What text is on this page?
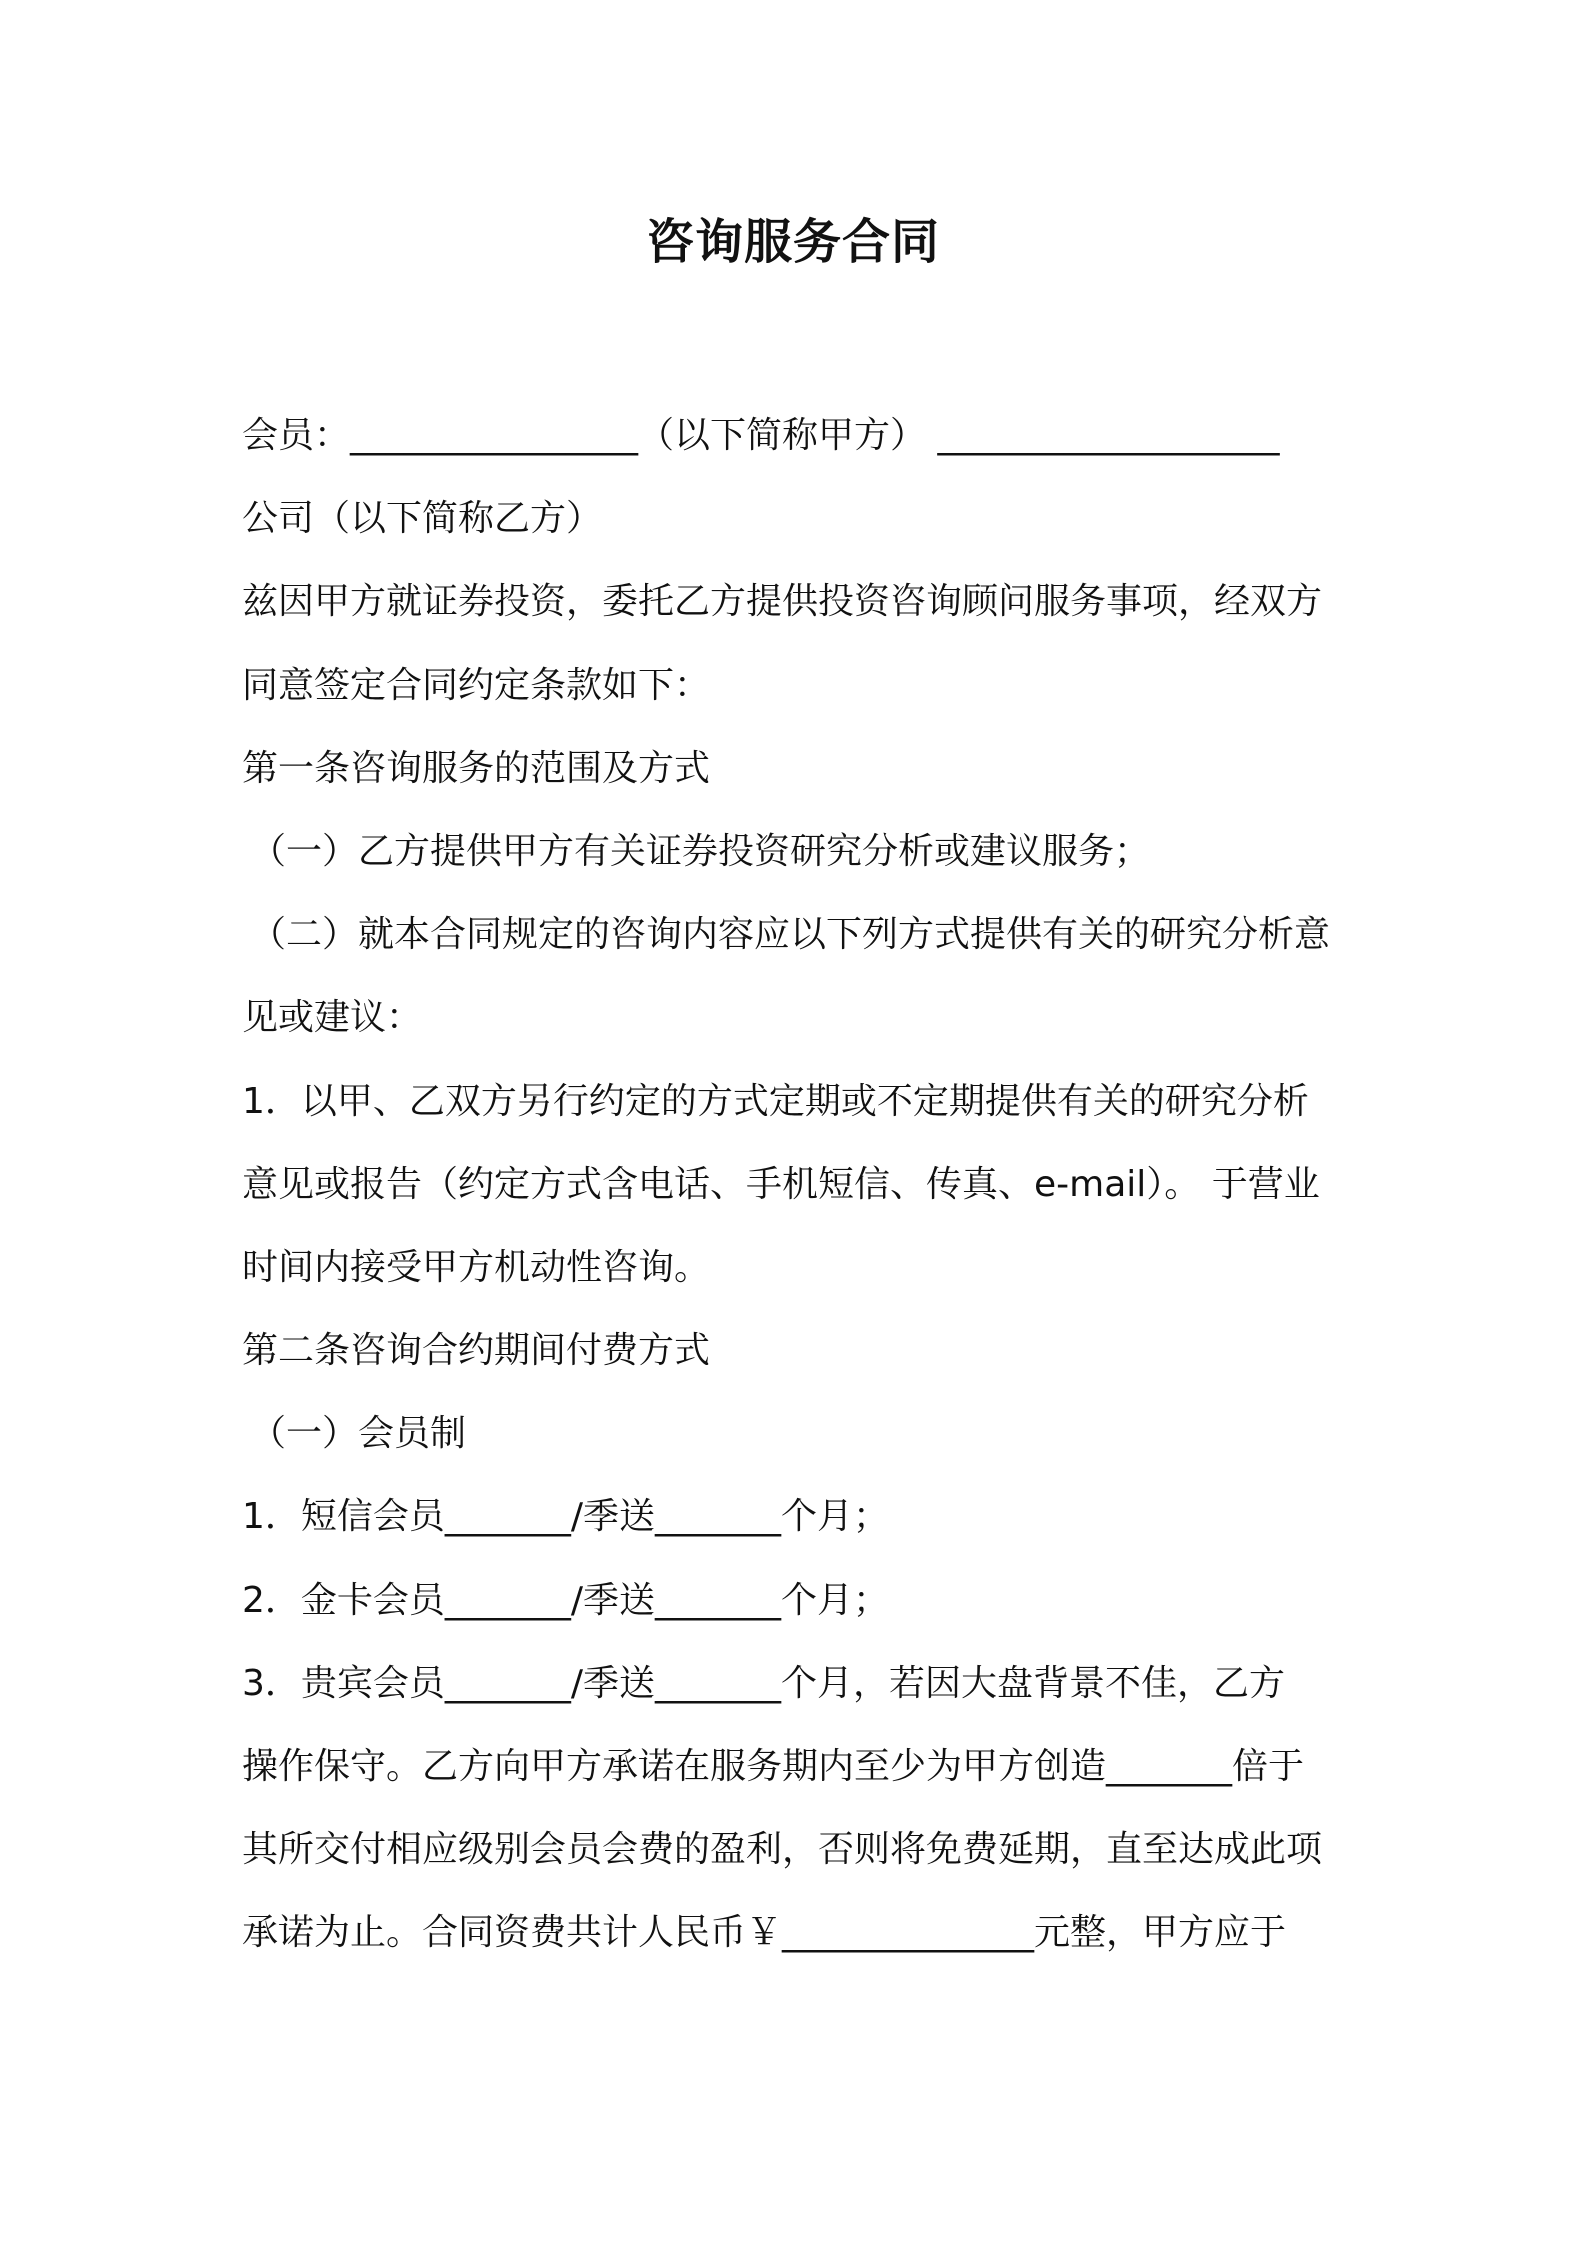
咨询服务合同
会员：________________（以下简称甲方） ___________________
公司（以下简称乙方）
兹因甲方就证券投资，委托乙方提供投资咨询顾问服务事项，经双方
同意签定合同约定条款如下：
第一条咨询服务的范围及方式
（一）乙方提供甲方有关证券投资研究分析或建议服务；
（二）就本合同规定的咨询内容应以下列方式提供有关的研究分析意
见或建议：
1．以甲、乙双方另行约定的方式定期或不定期提供有关的研究分析
意见或报告（约定方式含电话、手机短信、传真、e-mail）。 于营业
时间内接受甲方机动性咨询。
第二条咨询合约期间付费方式
（一）会员制
1．短信会员_______/季送_______个月；
2．金卡会员_______/季送_______个月；
3．贵宾会员_______/季送_______个月，若因大盘背景不佳，乙方
操作保守。乙方向甲方承诺在服务期内至少为甲方创造_______倍于
其所交付相应级别会员会费的盈利，否则将免费延期，直至达成此项
承诺为止。合同资费共计人民币￥______________元整，甲方应于
